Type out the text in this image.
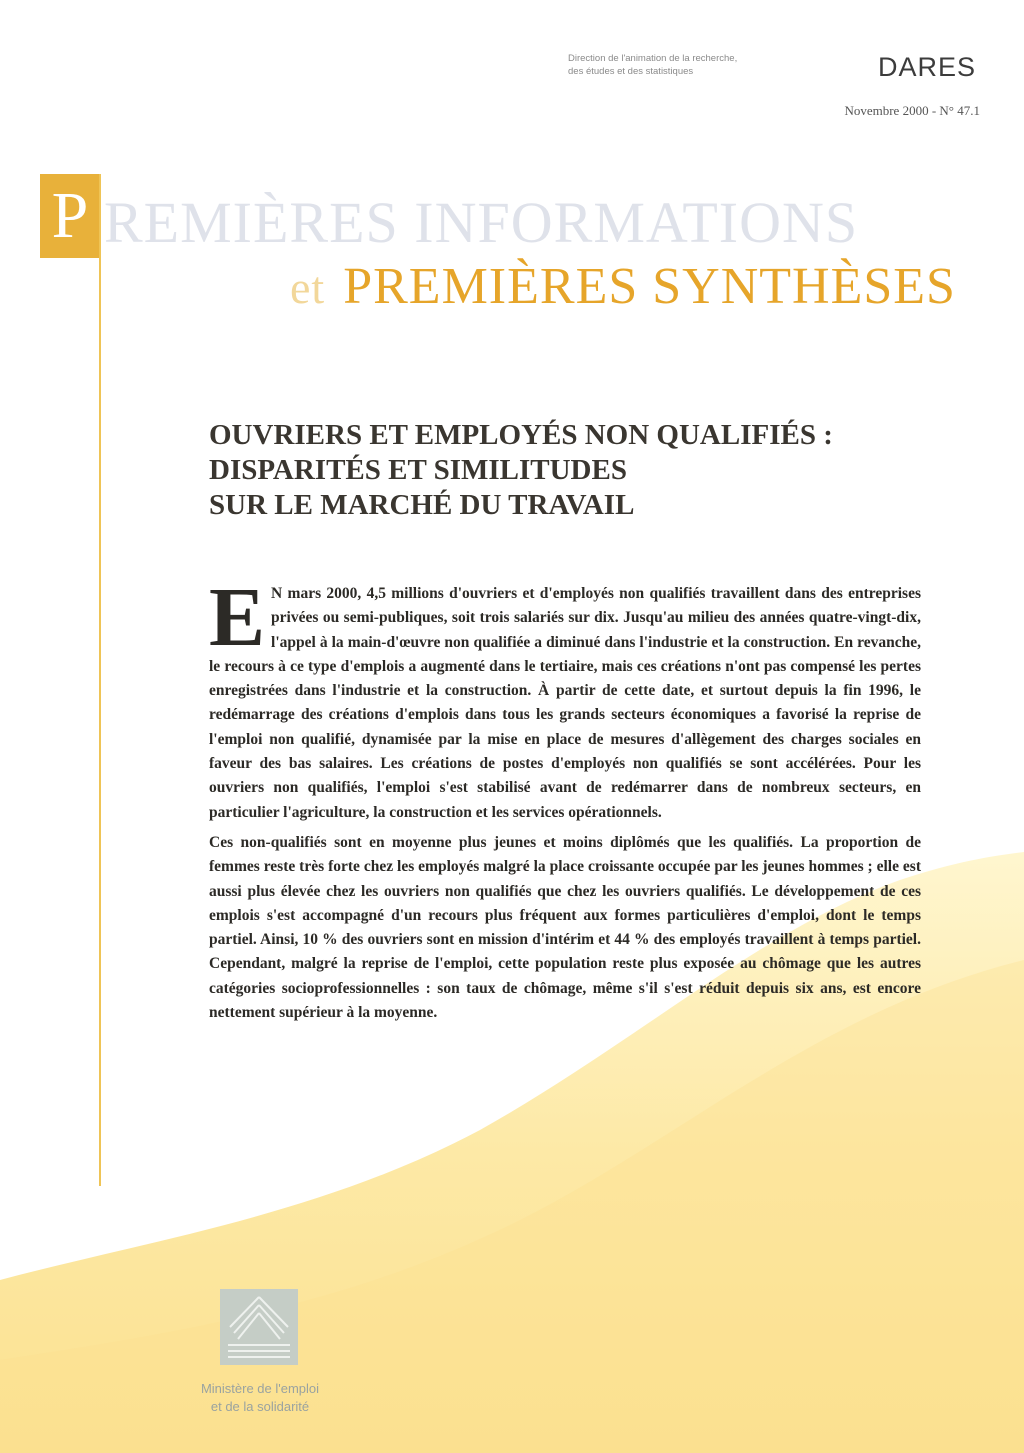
Direction de l'animation de la recherche,
des études et des statistiques	DARES
Novembre 2000 - N° 47.1
P REMIÈRES INFORMATIONS
et PREMIÈRES SYNTHÈSES
OUVRIERS ET EMPLOYÉS NON QUALIFIÉS :
DISPARITÉS ET SIMILITUDES
SUR LE MARCHÉ DU TRAVAIL

E N mars 2000, 4,5 millions d'ouvriers et d'employés non qualifiés travaillent dans des entreprises privées ou semi-publiques, soit trois salariés sur dix. Jusqu'au milieu des années quatre-vingt-dix, l'appel à la main-d'œuvre non qualifiée a diminué dans l'industrie et la construction. En revanche, le recours à ce type d'emplois a augmenté dans le tertiaire, mais ces créations n'ont pas compensé les pertes enregistrées dans l'industrie et la construction. À partir de cette date, et surtout depuis la fin 1996, le redémarrage des créations d'emplois dans tous les grands secteurs économiques a favorisé la reprise de l'emploi non qualifié, dynamisée par la mise en place de mesures d'allègement des charges sociales en faveur des bas salaires. Les créations de postes d'employés non qualifiés se sont accélérées. Pour les ouvriers non qualifiés, l'emploi s'est stabilisé avant de redémarrer dans de nombreux secteurs, en particulier l'agriculture, la construction et les services opérationnels.

Ces non-qualifiés sont en moyenne plus jeunes et moins diplômés que les qualifiés. La proportion de femmes reste très forte chez les employés malgré la place croissante occupée par les jeunes hommes ; elle est aussi plus élevée chez les ouvriers non qualifiés que chez les ouvriers qualifiés. Le développement de ces emplois s'est accompagné d'un recours plus fréquent aux formes particulières d'emploi, dont le temps partiel. Ainsi, 10 % des ouvriers sont en mission d'intérim et 44 % des employés travaillent à temps partiel. Cependant, malgré la reprise de l'emploi, cette population reste plus exposée au chômage que les autres catégories socioprofessionnelles : son taux de chômage, même s'il s'est réduit depuis six ans, est encore nettement supérieur à la moyenne.

Ministère de l'emploi
et de la solidarité
